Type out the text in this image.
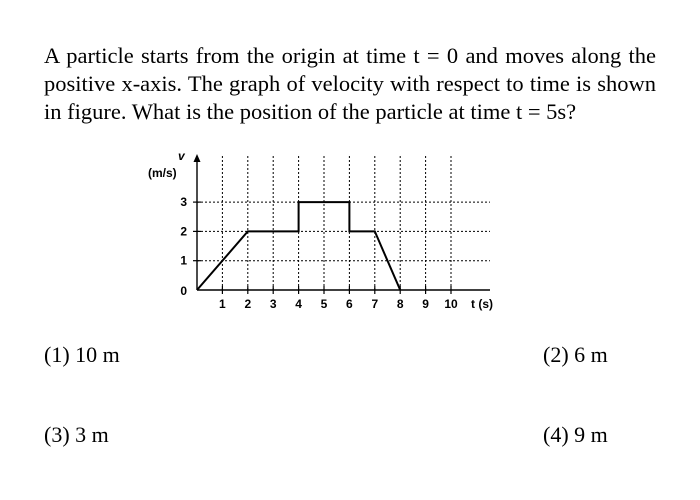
A particle starts from the origin at time t = 0 and moves along the positive x-axis. The graph of velocity with respect to time is shown in figure. What is the position of the particle at time t = 5s?
1 2 3 4 5 6 7 8 9 10
0
1
2
3
v
(m/s)
t (s)
(1) 10 m	(2) 6 m
(3) 3 m	(4) 9 m
